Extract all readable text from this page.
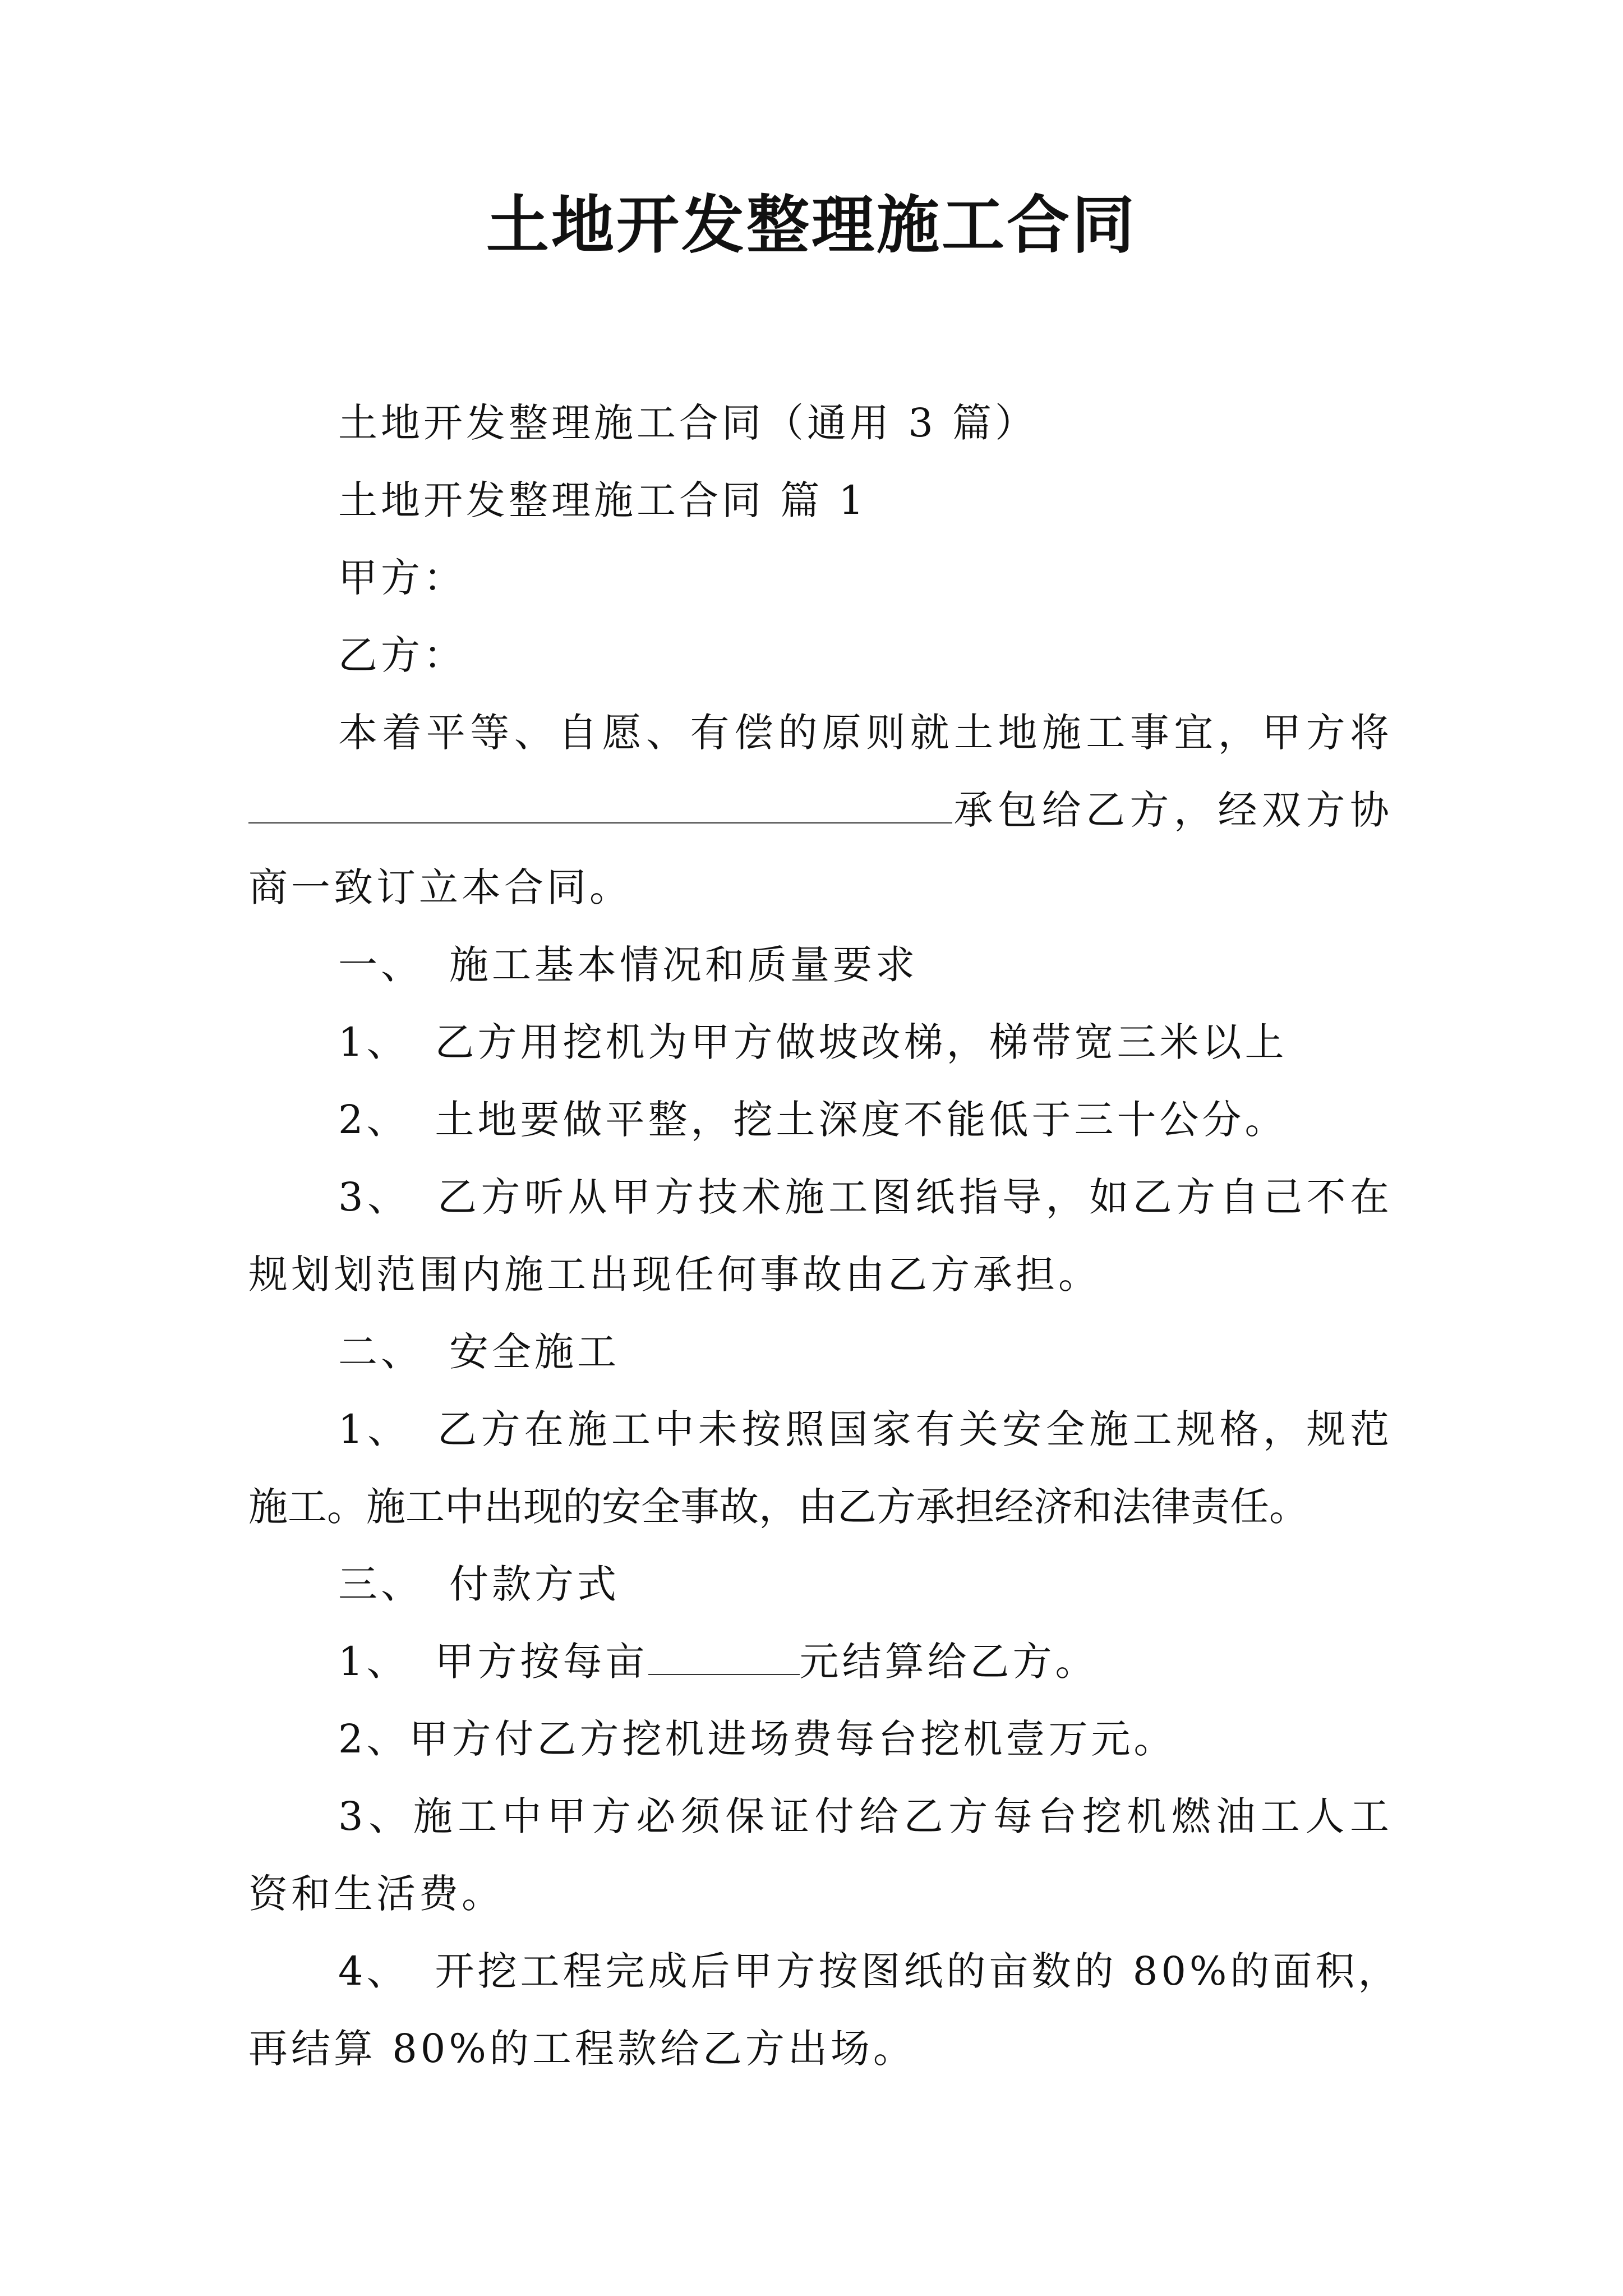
土地开发整理施工合同

土地开发整理施工合同（通用 3 篇）

土地开发整理施工合同 篇 1

甲方：

乙方：

本着平等、自愿、有偿的原则就土地施工事宜，甲方将

承包给乙方，经双方协

商一致订立本合同。

一、 施工基本情况和质量要求

1、 乙方用挖机为甲方做坡改梯，梯带宽三米以上

2、 土地要做平整，挖土深度不能低于三十公分。

3、 乙方听从甲方技术施工图纸指导，如乙方自己不在

规划划范围内施工出现任何事故由乙方承担。

二、 安全施工

1、 乙方在施工中未按照国家有关安全施工规格，规范

施工。施工中出现的安全事故，由乙方承担经济和法律责任。

三、 付款方式

1、 甲方按每亩	元结算给乙方。

2、甲方付乙方挖机进场费每台挖机壹万元。

3、施工中甲方必须保证付给乙方每台挖机燃油工人工

资和生活费。

4、 开挖工程完成后甲方按图纸的亩数的 80%的面积，

再结算 80%的工程款给乙方出场。
